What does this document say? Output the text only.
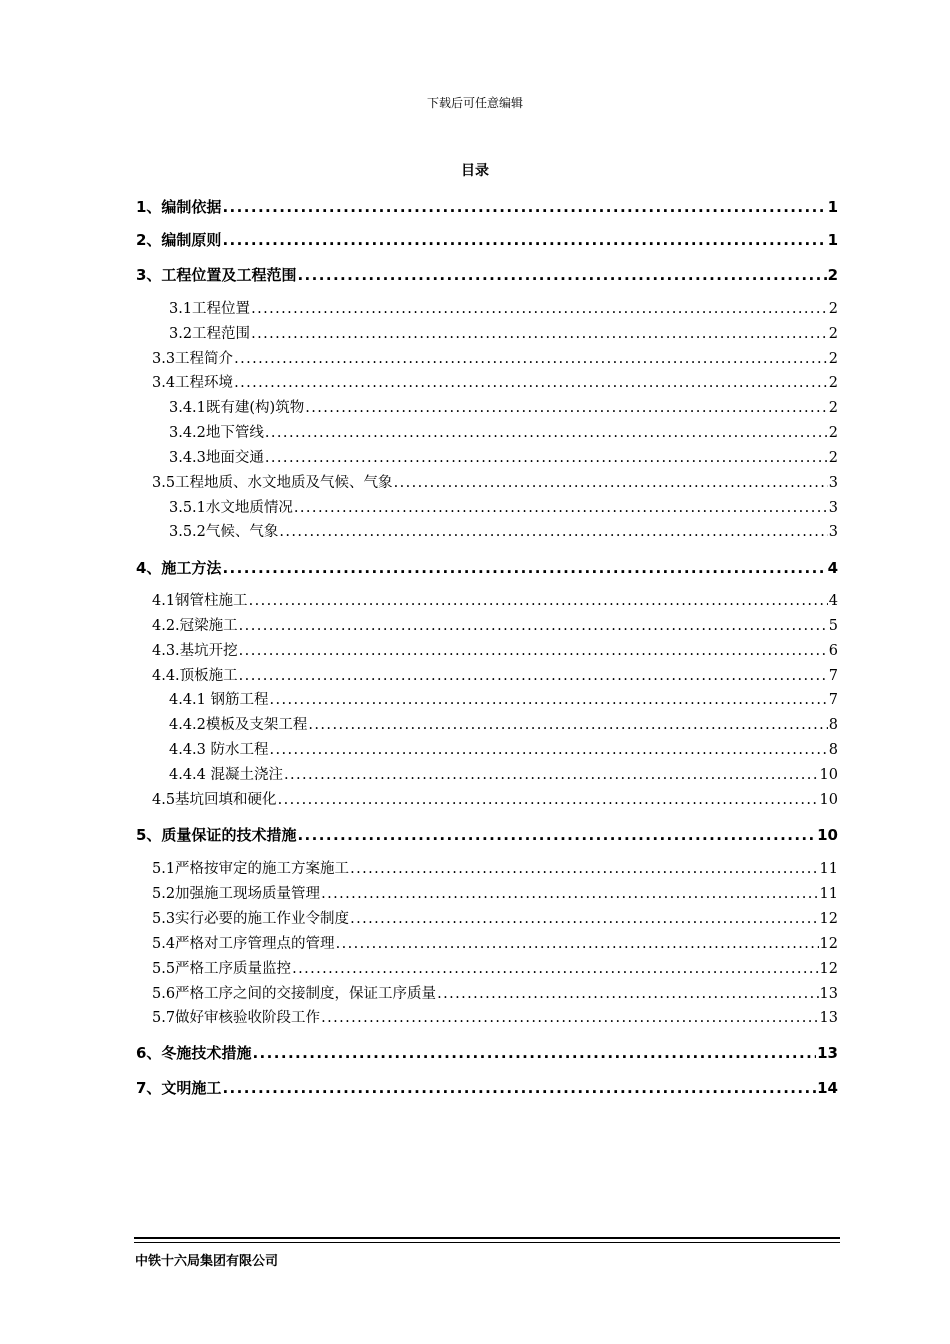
下载后可任意编辑
目录
1、编制依据 .....	1
2、编制原则 .....	1
3、工程位置及工程范围 .....	2
3.1工程位置 .....	2
3.2工程范围 .....	2
3.3工程简介 .....	2
3.4工程环境 .....	2
3.4.1既有建(构)筑物 .....	2
3.4.2地下管线 .....	2
3.4.3地面交通 .....	2
3.5工程地质、水文地质及气候、气象 .....	3
3.5.1水文地质情况 .....	3
3.5.2气候、气象 .....	3
4、施工方法 .....	4
4.1钢管柱施工 .....	4
4.2.冠梁施工 .....	5
4.3.基坑开挖 .....	6
4.4.顶板施工 .....	7
4.4.1 钢筋工程 .....	7
4.4.2模板及支架工程 .....	8
4.4.3 防水工程 .....	8
4.4.4 混凝土浇注 .....	10
4.5基坑回填和硬化 .....	10
5、质量保证的技术措施 .....	10
5.1严格按审定的施工方案施工 .....	11
5.2加强施工现场质量管理 .....	11
5.3实行必要的施工作业令制度 .....	12
5.4严格对工序管理点的管理 .....	12
5.5严格工序质量监控 .....	12
5.6严格工序之间的交接制度，保证工序质量 .....	13
5.7做好审核验收阶段工作 .....	13
6、冬施技术措施 .....	13
7、文明施工 .....	14
中铁十六局集团有限公司
